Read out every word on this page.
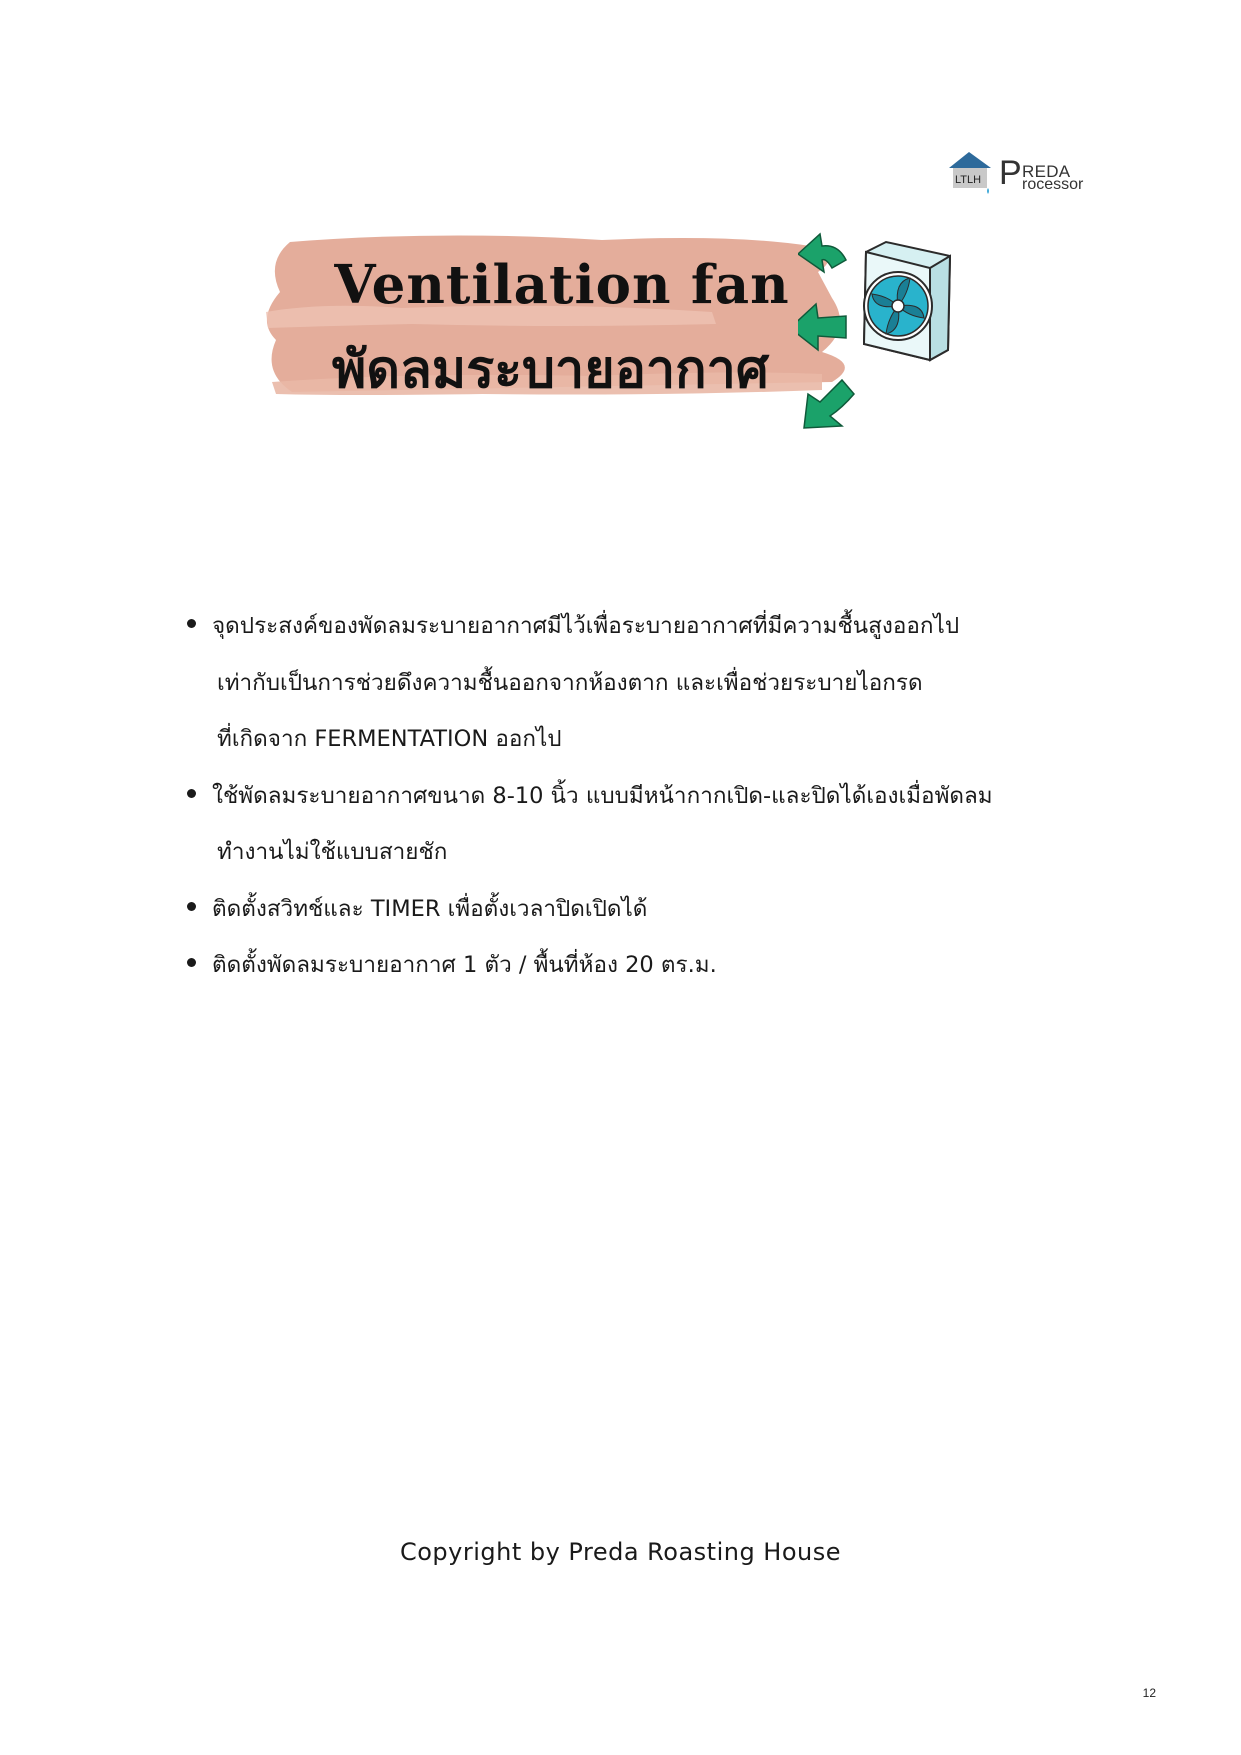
LTLH P REDA
rocessor
Ventilation fan
พัดลมระบายอากาศ
จุดประสงค์ของพัดลมระบายอากาศมีไว้เพื่อระบายอากาศที่มีความชื้นสูงออกไป
เท่ากับเป็นการช่วยดึงความชื้นออกจากห้องตาก และเพื่อช่วยระบายไอกรด
ที่เกิดจาก FERMENTATION ออกไป
ใช้พัดลมระบายอากาศขนาด 8-10 นิ้ว แบบมีหน้ากากเปิด-และปิดได้เองเมื่อพัดลม
ทำงานไม่ใช้แบบสายชัก
ติดตั้งสวิทช์และ TIMER เพื่อตั้งเวลาปิดเปิดได้
ติดตั้งพัดลมระบายอากาศ 1 ตัว / พื้นที่ห้อง 20 ตร.ม.
Copyright by Preda Roasting House
12
